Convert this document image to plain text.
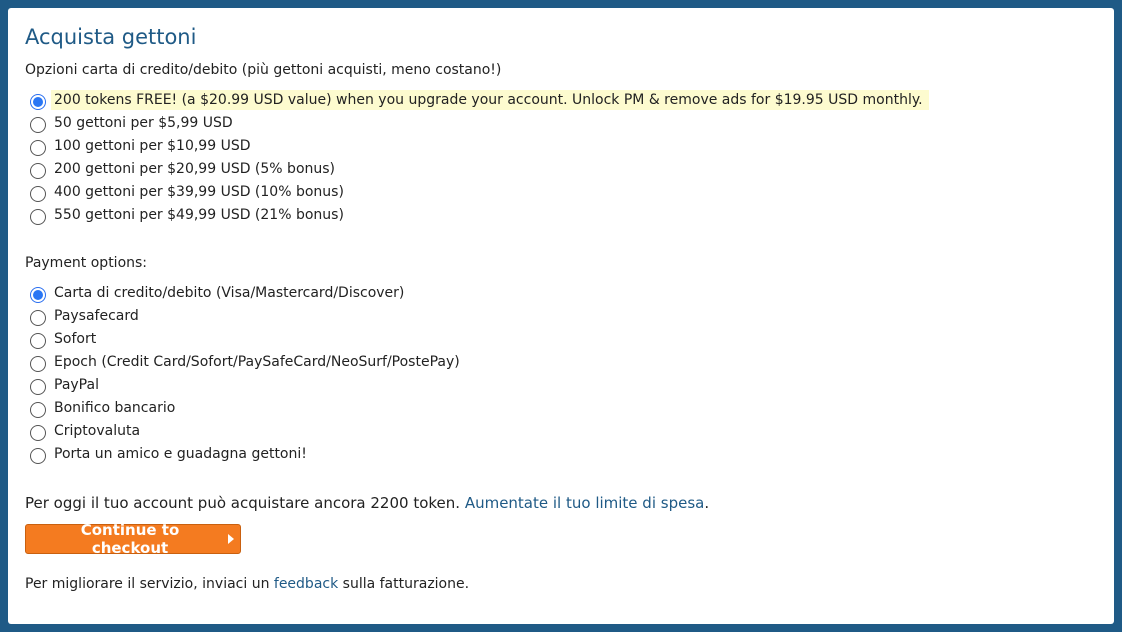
Acquista gettoni
Opzioni carta di credito/debito (più gettoni acquisti, meno costano!)
200 tokens FREE! (a $20.99 USD value) when you upgrade your account. Unlock PM & remove ads for $19.95 USD monthly.
50 gettoni per $5,99 USD
100 gettoni per $10,99 USD
200 gettoni per $20,99 USD (5% bonus)
400 gettoni per $39,99 USD (10% bonus)
550 gettoni per $49,99 USD (21% bonus)
Payment options:
Carta di credito/debito (Visa/Mastercard/Discover)
Paysafecard
Sofort
Epoch (Credit Card/Sofort/PaySafeCard/NeoSurf/PostePay)
PayPal
Bonifico bancario
Criptovaluta
Porta un amico e guadagna gettoni!
Per oggi il tuo account può acquistare ancora 2200 token. Aumentate il tuo limite di spesa.
Continue to checkout
Per migliorare il servizio, inviaci un feedback sulla fatturazione.
